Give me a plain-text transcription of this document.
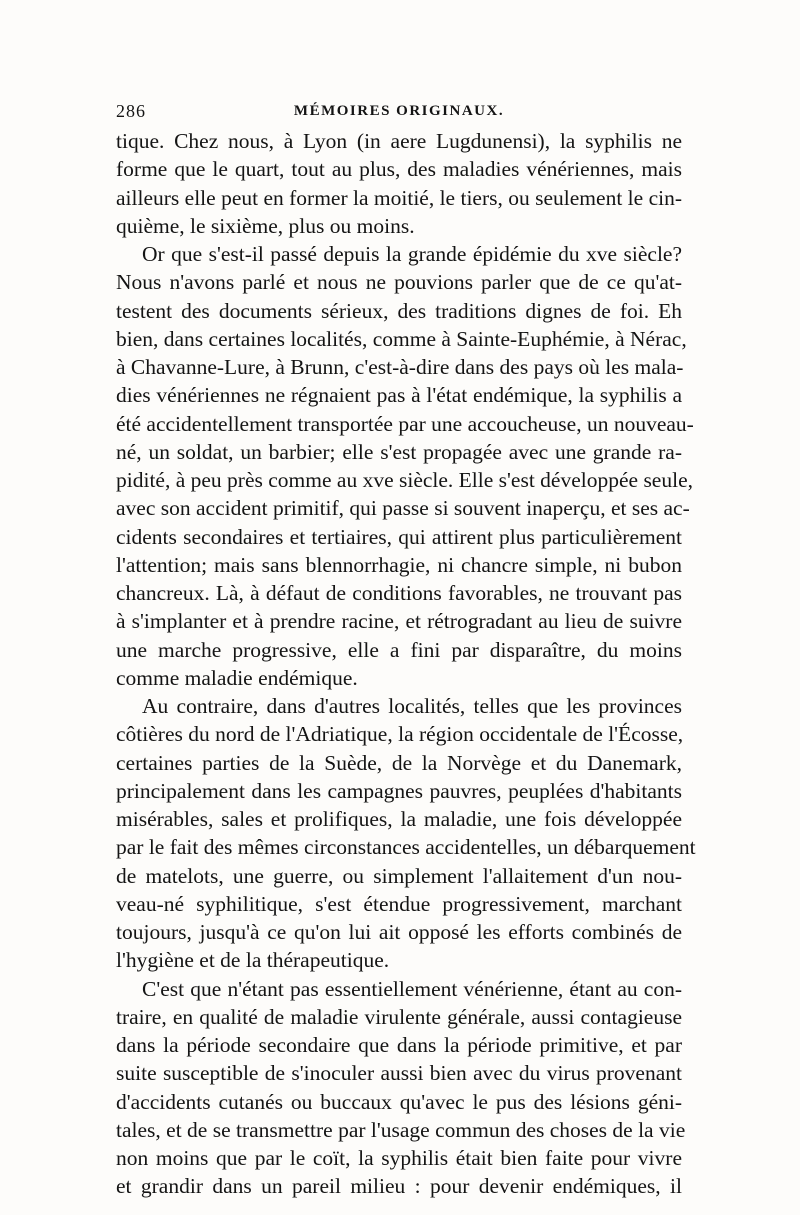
286	MÉMOIRES ORIGINAUX.
tique. Chez nous, à Lyon (in aere Lugdunensi), la syphilis ne
forme que le quart, tout au plus, des maladies vénériennes, mais
ailleurs elle peut en former la moitié, le tiers, ou seulement le cin-
quième, le sixième, plus ou moins.
Or que s'est-il passé depuis la grande épidémie du xve siècle?
Nous n'avons parlé et nous ne pouvions parler que de ce qu'at-
testent des documents sérieux, des traditions dignes de foi. Eh
bien, dans certaines localités, comme à Sainte-Euphémie, à Nérac,
à Chavanne-Lure, à Brunn, c'est-à-dire dans des pays où les mala-
dies vénériennes ne régnaient pas à l'état endémique, la syphilis a
été accidentellement transportée par une accoucheuse, un nouveau-
né, un soldat, un barbier; elle s'est propagée avec une grande ra-
pidité, à peu près comme au xve siècle. Elle s'est développée seule,
avec son accident primitif, qui passe si souvent inaperçu, et ses ac-
cidents secondaires et tertiaires, qui attirent plus particulièrement
l'attention; mais sans blennorrhagie, ni chancre simple, ni bubon
chancreux. Là, à défaut de conditions favorables, ne trouvant pas
à s'implanter et à prendre racine, et rétrogradant au lieu de suivre
une marche progressive, elle a fini par disparaître, du moins
comme maladie endémique.
Au contraire, dans d'autres localités, telles que les provinces
côtières du nord de l'Adriatique, la région occidentale de l'Écosse,
certaines parties de la Suède, de la Norvège et du Danemark,
principalement dans les campagnes pauvres, peuplées d'habitants
misérables, sales et prolifiques, la maladie, une fois développée
par le fait des mêmes circonstances accidentelles, un débarquement
de matelots, une guerre, ou simplement l'allaitement d'un nou-
veau-né syphilitique, s'est étendue progressivement, marchant
toujours, jusqu'à ce qu'on lui ait opposé les efforts combinés de
l'hygiène et de la thérapeutique.
C'est que n'étant pas essentiellement vénérienne, étant au con-
traire, en qualité de maladie virulente générale, aussi contagieuse
dans la période secondaire que dans la période primitive, et par
suite susceptible de s'inoculer aussi bien avec du virus provenant
d'accidents cutanés ou buccaux qu'avec le pus des lésions géni-
tales, et de se transmettre par l'usage commun des choses de la vie
non moins que par le coït, la syphilis était bien faite pour vivre
et grandir dans un pareil milieu : pour devenir endémiques, il
